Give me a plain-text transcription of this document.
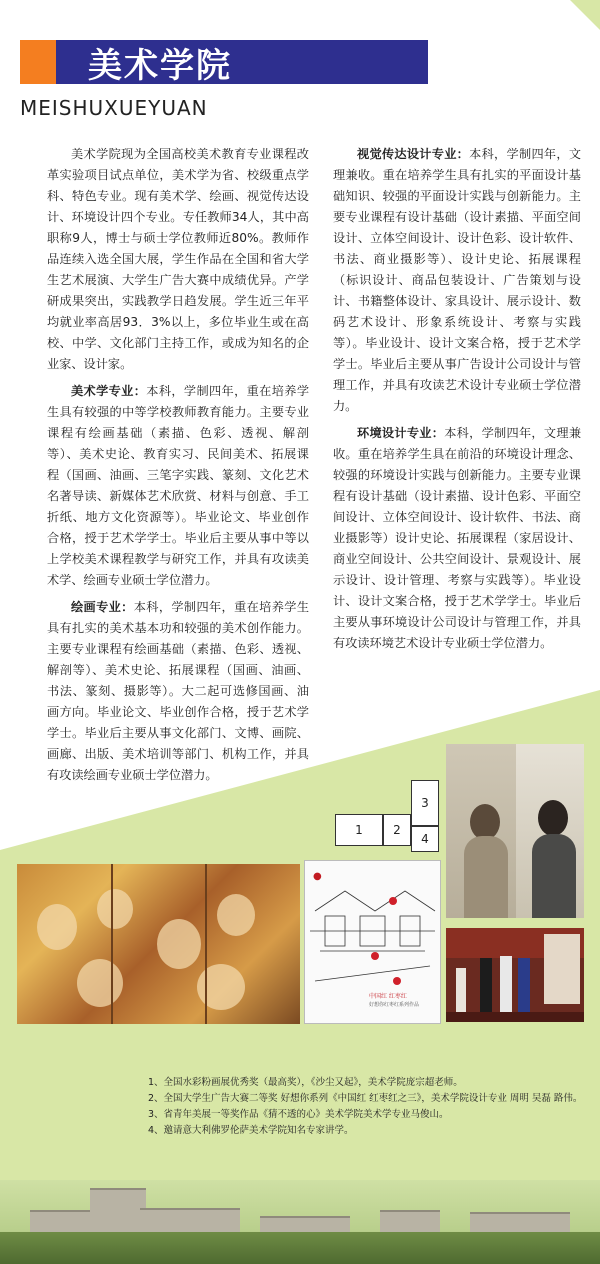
美术学院
MEISHUXUEYUAN

美术学院现为全国高校美术教育专业课程改革实验项目试点单位，美术学为省、校级重点学科、特色专业。现有美术学、绘画、视觉传达设计、环境设计四个专业。专任教师34人，其中高职称9人，博士与硕士学位教师近80%。教师作品连续入选全国大展，学生作品在全国和省大学生艺术展演、大学生广告大赛中成绩优异。产学研成果突出，实践教学日趋发展。学生近三年平均就业率高居93．3%以上，多位毕业生或在高校、中学、文化部门主持工作，或成为知名的企业家、设计家。

美术学专业：本科，学制四年，重在培养学生具有较强的中等学校教师教育能力。主要专业课程有绘画基础（素描、色彩、透视、解剖等）、美术史论、教育实习、民间美术、拓展课程（国画、油画、三笔字实践、篆刻、文化艺术名著导读、新媒体艺术欣赏、材料与创意、手工折纸、地方文化资源等）。毕业论文、毕业创作合格，授于艺术学学士。毕业后主要从事中等以上学校美术课程教学与研究工作，并具有攻读美术学、绘画专业硕士学位潜力。

绘画专业：本科，学制四年，重在培养学生具有扎实的美术基本功和较强的美术创作能力。主要专业课程有绘画基础（素描、色彩、透视、解剖等）、美术史论、拓展课程（国画、油画、书法、篆刻、摄影等）。大二起可选修国画、油画方向。毕业论文、毕业创作合格，授于艺术学学士。毕业后主要从事文化部门、文博、画院、画廊、出版、美术培训等部门、机构工作，并具有攻读绘画专业硕士学位潜力。

视觉传达设计专业：本科，学制四年，文理兼收。重在培养学生具有扎实的平面设计基础知识、较强的平面设计实践与创新能力。主要专业课程有设计基础（设计素描、平面空间设计、立体空间设计、设计色彩、设计软件、书法、商业摄影等）、设计史论、拓展课程（标识设计、商品包装设计、广告策划与设计、书籍整体设计、家具设计、展示设计、数码艺术设计、形象系统设计、考察与实践等）。毕业设计、设计文案合格，授于艺术学学士。毕业后主要从事广告设计公司设计与管理工作，并具有攻读艺术设计专业硕士学位潜力。

环境设计专业：本科，学制四年，文理兼收。重在培养学生具在前沿的环境设计理念、较强的环境设计实践与创新能力。主要专业课程有设计基础（设计素描、设计色彩、平面空间设计、立体空间设计、设计软件、书法、商业摄影等）设计史论、拓展课程（家居设计、商业空间设计、公共空间设计、景观设计、展示设计、设计管理、考察与实践等）。毕业设计、设计文案合格，授于艺术学学士。毕业后主要从事环境设计公司设计与管理工作，并具有攻读环境艺术设计专业硕士学位潜力。

1	2
3
4
●
中国红 红枣红
好想你红枣红系列作品
1、全国水彩粉画展优秀奖（最高奖），《沙尘又起》，美术学院庞宗超老师。
2、全国大学生广告大赛二等奖 好想你系列《中国红 红枣红之三》，美术学院设计专业 周明 吴磊 路伟。
3、省青年美展一等奖作品《猜不透的心》美术学院美术学专业马俊山。
4、邀请意大利佛罗伦萨美术学院知名专家讲学。
